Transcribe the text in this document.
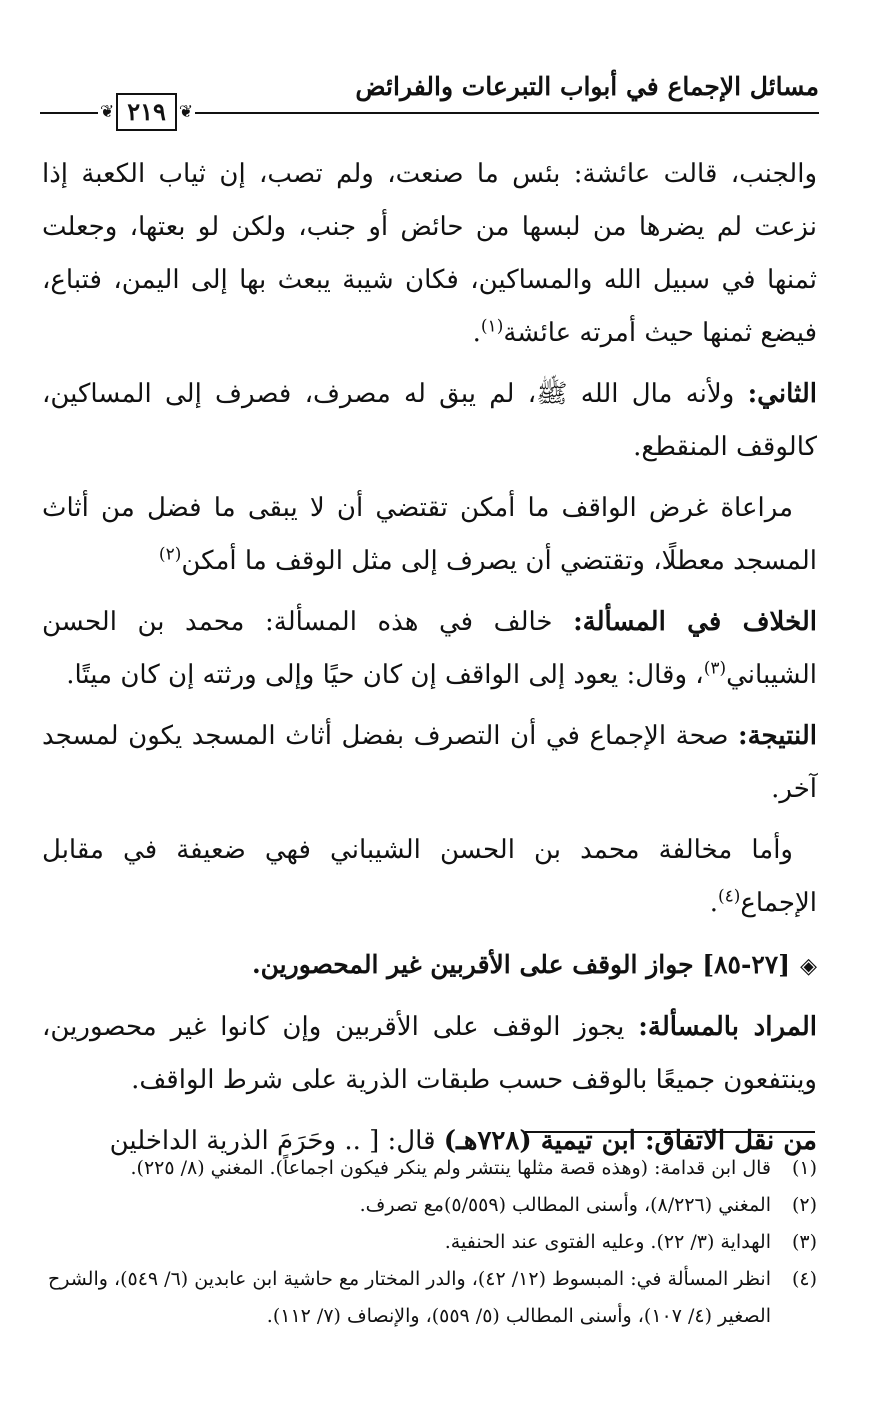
مسائل الإجماع في أبواب التبرعات والفرائض
❦
٢١٩
❦

والجنب، قالت عائشة: بئس ما صنعت، ولم تصب، إن ثياب الكعبة إذا نزعت لم يضرها من لبسها من حائض أو جنب، ولكن لو بعتها، وجعلت ثمنها في سبيل الله والمساكين، فكان شيبة يبعث بها إلى اليمن، فتباع، فيضع ثمنها حيث أمرته عائشة$^{(١)}$.

الثاني: ولأنه مال الله ﷺ، لم يبق له مصرف، فصرف إلى المساكين، كالوقف المنقطع.

مراعاة غرض الواقف ما أمكن تقتضي أن لا يبقى ما فضل من أثاث المسجد معطلًا، وتقتضي أن يصرف إلى مثل الوقف ما أمكن$^{(٢)}$

الخلاف في المسألة: خالف في هذه المسألة: محمد بن الحسن الشيباني$^{(٣)}$، وقال: يعود إلى الواقف إن كان حيًا وإلى ورثته إن كان ميتًا.

النتيجة: صحة الإجماع في أن التصرف بفضل أثاث المسجد يكون لمسجد آخر.

وأما مخالفة محمد بن الحسن الشيباني فهي ضعيفة في مقابل الإجماع$^{(٤)}$.

◈[٢٧-٨٥] جواز الوقف على الأقربين غير المحصورين.

المراد بالمسألة: يجوز الوقف على الأقربين وإن كانوا غير محصورين، وينتفعون جميعًا بالوقف حسب طبقات الذرية على شرط الواقف.

من نقل الاتفاق: ابن تيمية (٧٢٨هـ) قال: [ .. وحَرَمَ الذرية الداخلين

(١)
قال ابن قدامة: (وهذه قصة مثلها ينتشر ولم ينكر فيكون اجماعاً). المغني (٨/ ٢٢٥).

(٢)
المغني (٨/٢٢٦)، وأسنى المطالب (٥/٥٥٩)مع تصرف.

(٣)
الهداية (٣/ ٢٢). وعليه الفتوى عند الحنفية.

(٤)
انظر المسألة في: المبسوط (١٢/ ٤٢)، والدر المختار مع حاشية ابن عابدين (٦/ ٥٤٩)، والشرح الصغير (٤/ ١٠٧)، وأسنى المطالب (٥/ ٥٥٩)، والإنصاف (٧/ ١١٢).
